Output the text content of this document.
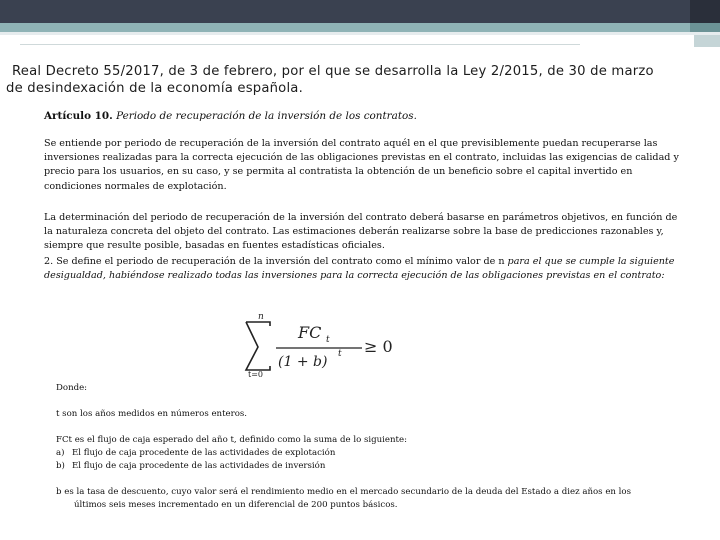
Real Decreto 55/2017, de 3 de febrero, por el que se desarrolla la Ley 2/2015, de 30 de marzo
de desindexación de la economía española.
Artículo 10. Periodo de recuperación de la inversión de los contratos.
Se entiende por periodo de recuperación de la inversión del contrato aquél en el que previsiblemente puedan recuperarse las inversiones realizadas para la correcta ejecución de las obligaciones previstas en el contrato, incluidas las exigencias de calidad y precio para los usuarios, en su caso, y se permita al contratista la obtención de un beneficio sobre el capital invertido en condiciones normales de explotación.
La determinación del periodo de recuperación de la inversión del contrato deberá basarse en parámetros objetivos, en función de la naturaleza concreta del objeto del contrato. Las estimaciones deberán realizarse sobre la base de predicciones razonables y, siempre que resulte posible, basadas en fuentes estadísticas oficiales.
2. Se define el periodo de recuperación de la inversión del contrato como el mínimo valor de n para el que se cumple la siguiente desigualdad, habiéndose realizado todas las inversiones para la correcta ejecución de las obligaciones previstas en el contrato:
n
t=0
FC t
(1 + b) t ≥ 0
Donde:
t son los años medidos en números enteros.
FCt es el flujo de caja esperado del año t, definido como la suma de lo siguiente:
a) El flujo de caja procedente de las actividades de explotación
b) El flujo de caja procedente de las actividades de inversión
b es la tasa de descuento, cuyo valor será el rendimiento medio en el mercado secundario de la deuda del Estado a diez años en los
últimos seis meses incrementado en un diferencial de 200 puntos básicos.
